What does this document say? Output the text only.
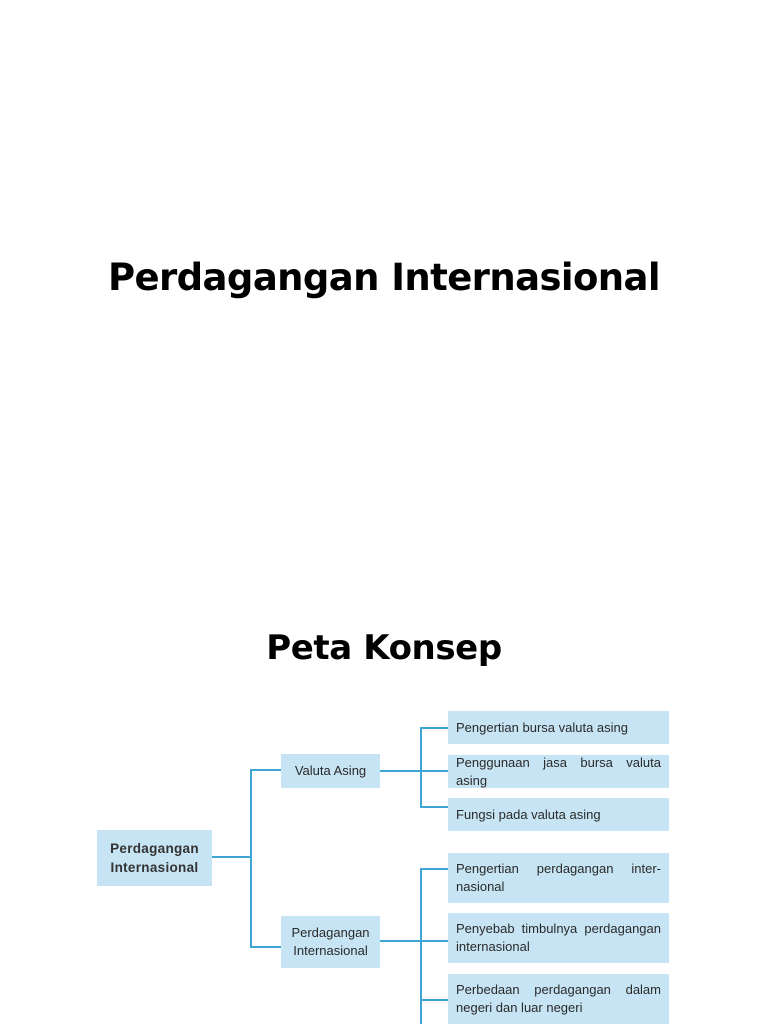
Perdagangan Internasional
Peta Konsep
Perdagangan
Internasional
Valuta Asing
Pengertian bursa valuta asing
Penggunaan jasa bursa valuta asing
Fungsi pada valuta asing
Perdagangan
Internasional
Pengertian perdagangan inter- nasional
Penyebab timbulnya perdagangan internasional
Perbedaan perdagangan dalam negeri dan luar negeri
